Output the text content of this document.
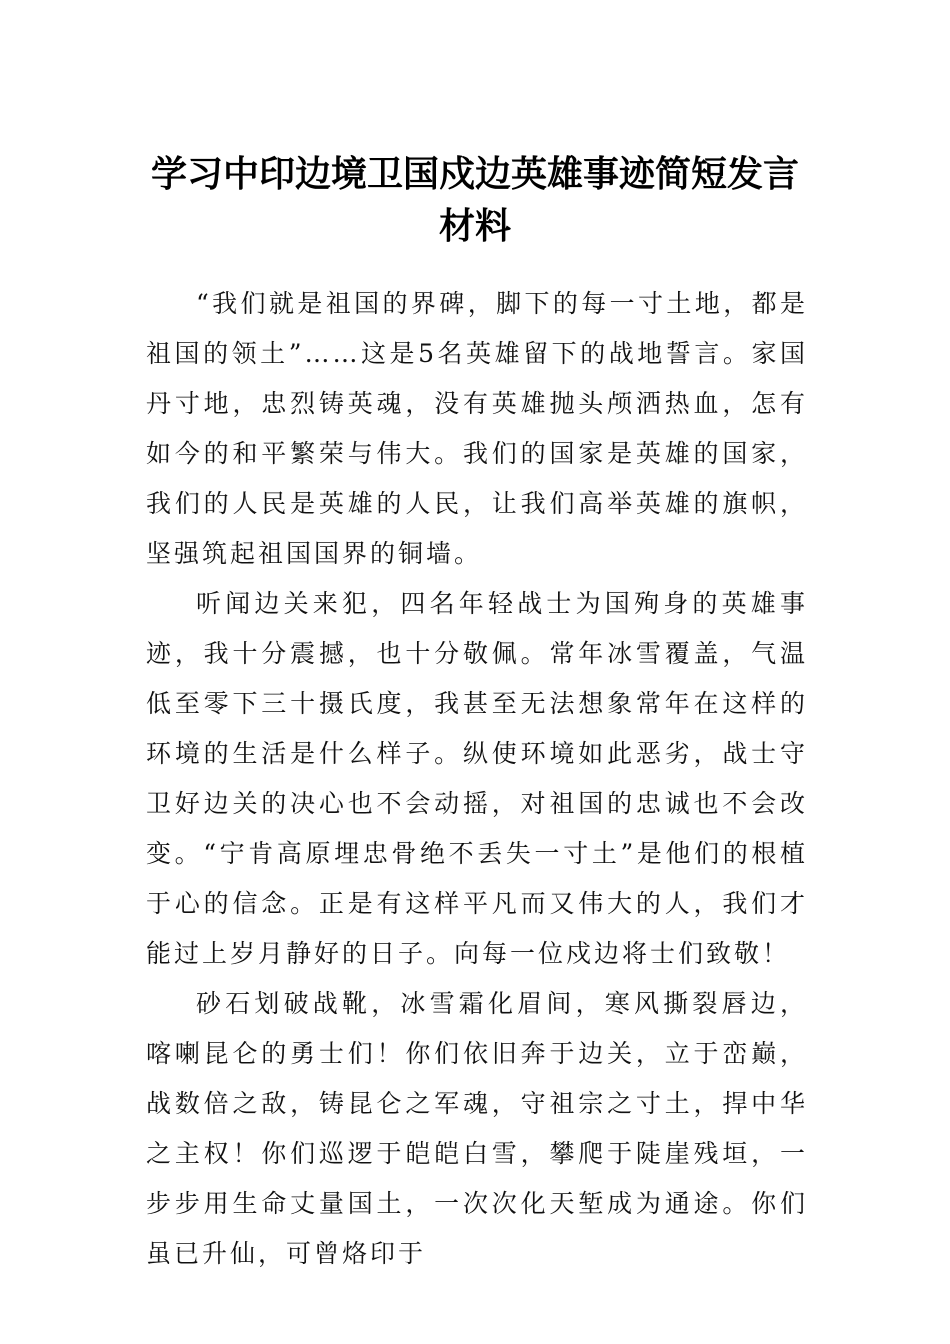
学习中印边境卫国戍边英雄事迹简短发言材料

“我们就是祖国的界碑，脚下的每一寸土地，都是祖国的领土”……这是5名英雄留下的战地誓言。家国丹寸地，忠烈铸英魂，没有英雄抛头颅洒热血，怎有如今的和平繁荣与伟大。我们的国家是英雄的国家，我们的人民是英雄的人民，让我们高举英雄的旗帜，坚强筑起祖国国界的铜墙。

听闻边关来犯，四名年轻战士为国殉身的英雄事迹，我十分震撼，也十分敬佩。常年冰雪覆盖，气温低至零下三十摄氏度，我甚至无法想象常年在这样的环境的生活是什么样子。纵使环境如此恶劣，战士守卫好边关的决心也不会动摇，对祖国的忠诚也不会改变。“宁肯高原埋忠骨绝不丢失一寸土”是他们的根植于心的信念。正是有这样平凡而又伟大的人，我们才能过上岁月静好的日子。向每一位戍边将士们致敬！

砂石划破战靴，冰雪霜化眉间，寒风撕裂唇边，喀喇昆仑的勇士们！你们依旧奔于边关，立于峦巅，战数倍之敌，铸昆仑之军魂，守祖宗之寸土，捍中华之主权！你们巡逻于皑皑白雪，攀爬于陡崖残垣，一步步用生命丈量国土，一次次化天堑成为通途。你们虽已升仙，可曾烙印于
